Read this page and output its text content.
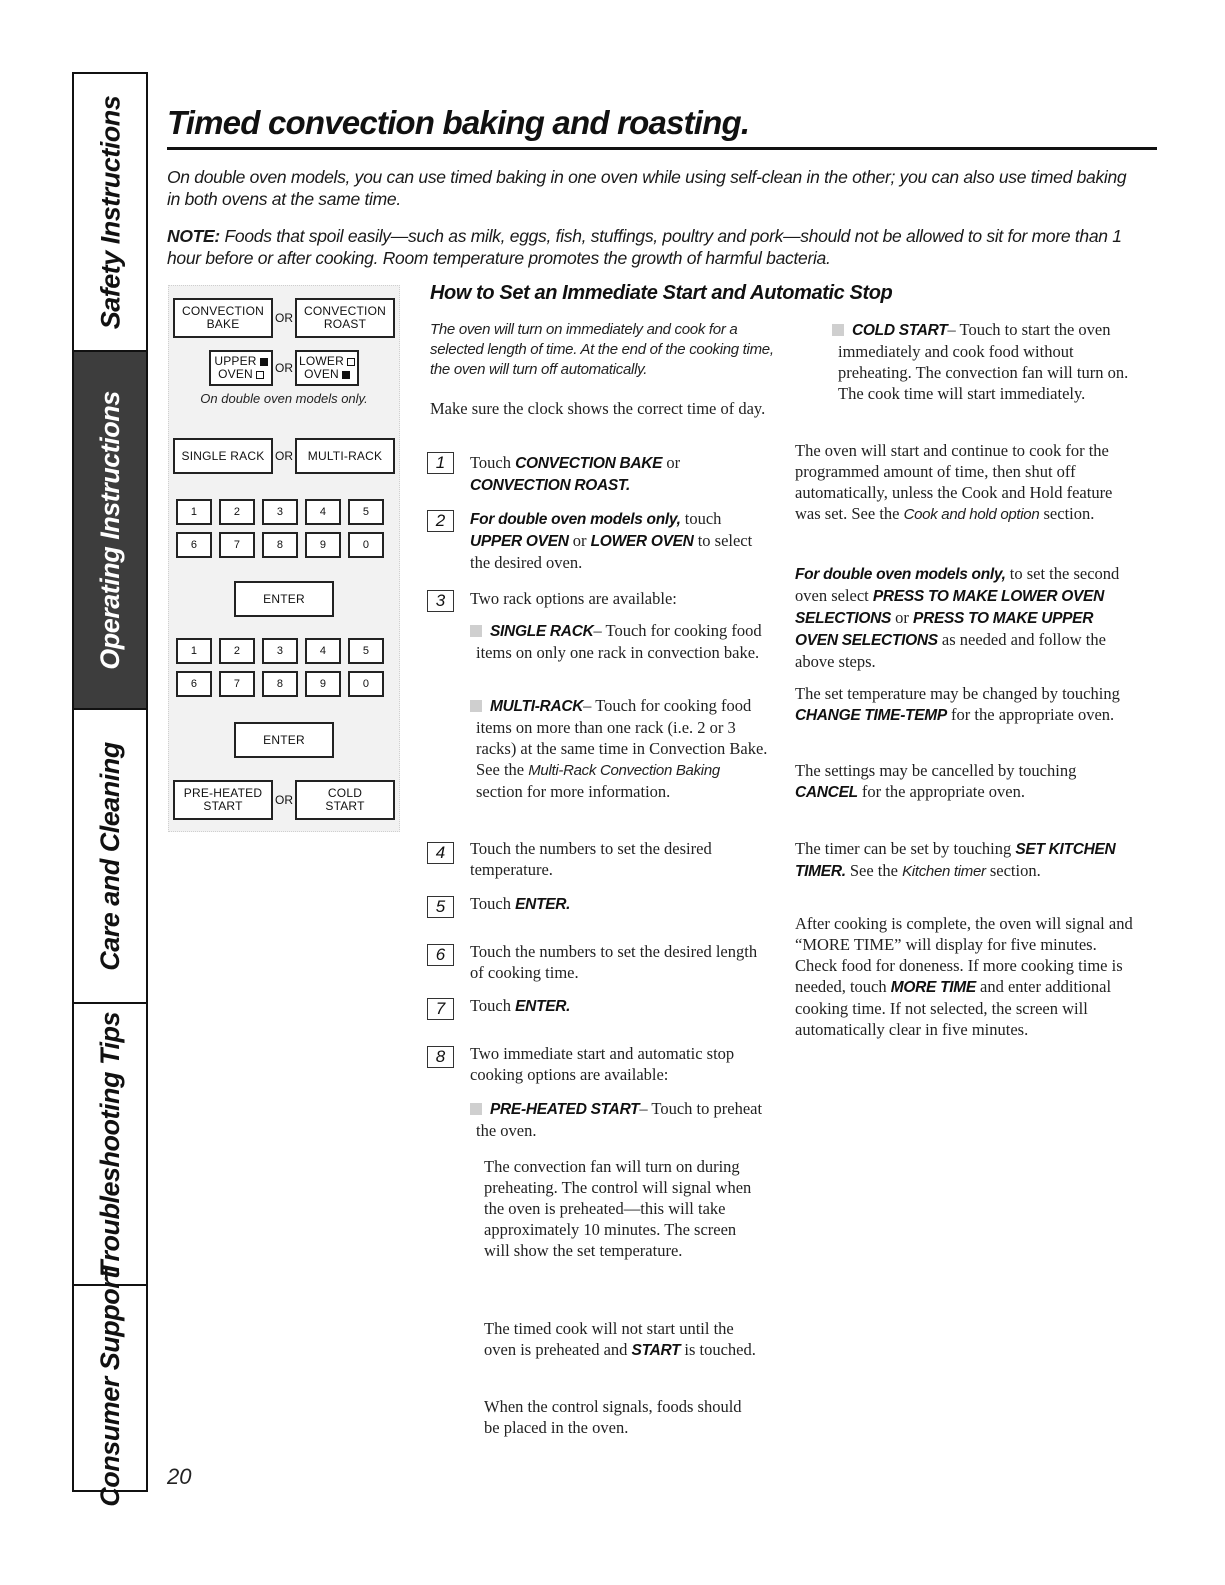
Safety Instructions
Operating Instructions
Care and Cleaning
Troubleshooting Tips
Consumer Support
Timed convection baking and roasting.

On double oven models, you can use timed baking in one oven while using self-clean in the other; you can also use timed baking in both ovens at the same time.

NOTE: Foods that spoil easily—such as milk, eggs, fish, stuffings, poultry and pork—should not be allowed to sit for more than 1 hour before or after cooking. Room temperature promotes the growth of harmful bacteria.

CONVECTION
BAKE	OR CONVECTION
ROAST
UPPER
OVEN	OR LOWER
OVEN
On double oven models only.
SINGLE RACK OR	MULTI-RACK
1	2	3	4	5
6	7	8	9	0
ENTER
1	2	3	4	5
6	7	8	9	0
ENTER
PRE-HEATED
START	OR	COLD
START
How to Set an Immediate Start and Automatic Stop

The oven will turn on immediately and cook for a selected length of time. At the end of the cooking time, the oven will turn off automatically.

Make sure the clock shows the correct time of day.

1	Touch CONVECTION BAKE or CONVECTION ROAST.

2	For double oven models only, touch UPPER OVEN or LOWER OVEN to select the desired oven.

3	Two rack options are available:

SINGLE RACK– Touch for cooking food items on only one rack in convection bake.

MULTI-RACK– Touch for cooking food items on more than one rack (i.e. 2 or 3 racks) at the same time in Convection Bake. See the Multi-Rack Convection Baking section for more information.

4	Touch the numbers to set the desired temperature.

5	Touch ENTER.

6	Touch the numbers to set the desired length of cooking time.

7	Touch ENTER.

8	Two immediate start and automatic stop cooking options are available:

PRE-HEATED START– Touch to preheat the oven.

The convection fan will turn on during preheating. The control will signal when the oven is preheated—this will take approximately 10 minutes. The screen will show the set temperature.

The timed cook will not start until the oven is preheated and START is touched.

When the control signals, foods should be placed in the oven.

COLD START– Touch to start the oven immediately and cook food without preheating. The convection fan will turn on. The cook time will start immediately.

The oven will start and continue to cook for the programmed amount of time, then shut off automatically, unless the Cook and Hold feature was set. See the Cook and hold option section.

For double oven models only, to set the second oven select PRESS TO MAKE LOWER OVEN SELECTIONS or PRESS TO MAKE UPPER OVEN SELECTIONS as needed and follow the above steps.

The set temperature may be changed by touching CHANGE TIME-TEMP for the appropriate oven.

The settings may be cancelled by touching CANCEL for the appropriate oven.

The timer can be set by touching SET KITCHEN TIMER. See the Kitchen timer section.

After cooking is complete, the oven will signal and “MORE TIME” will display for five minutes. Check food for doneness. If more cooking time is needed, touch MORE TIME and enter additional cooking time. If not selected, the screen will automatically clear in five minutes.

20
